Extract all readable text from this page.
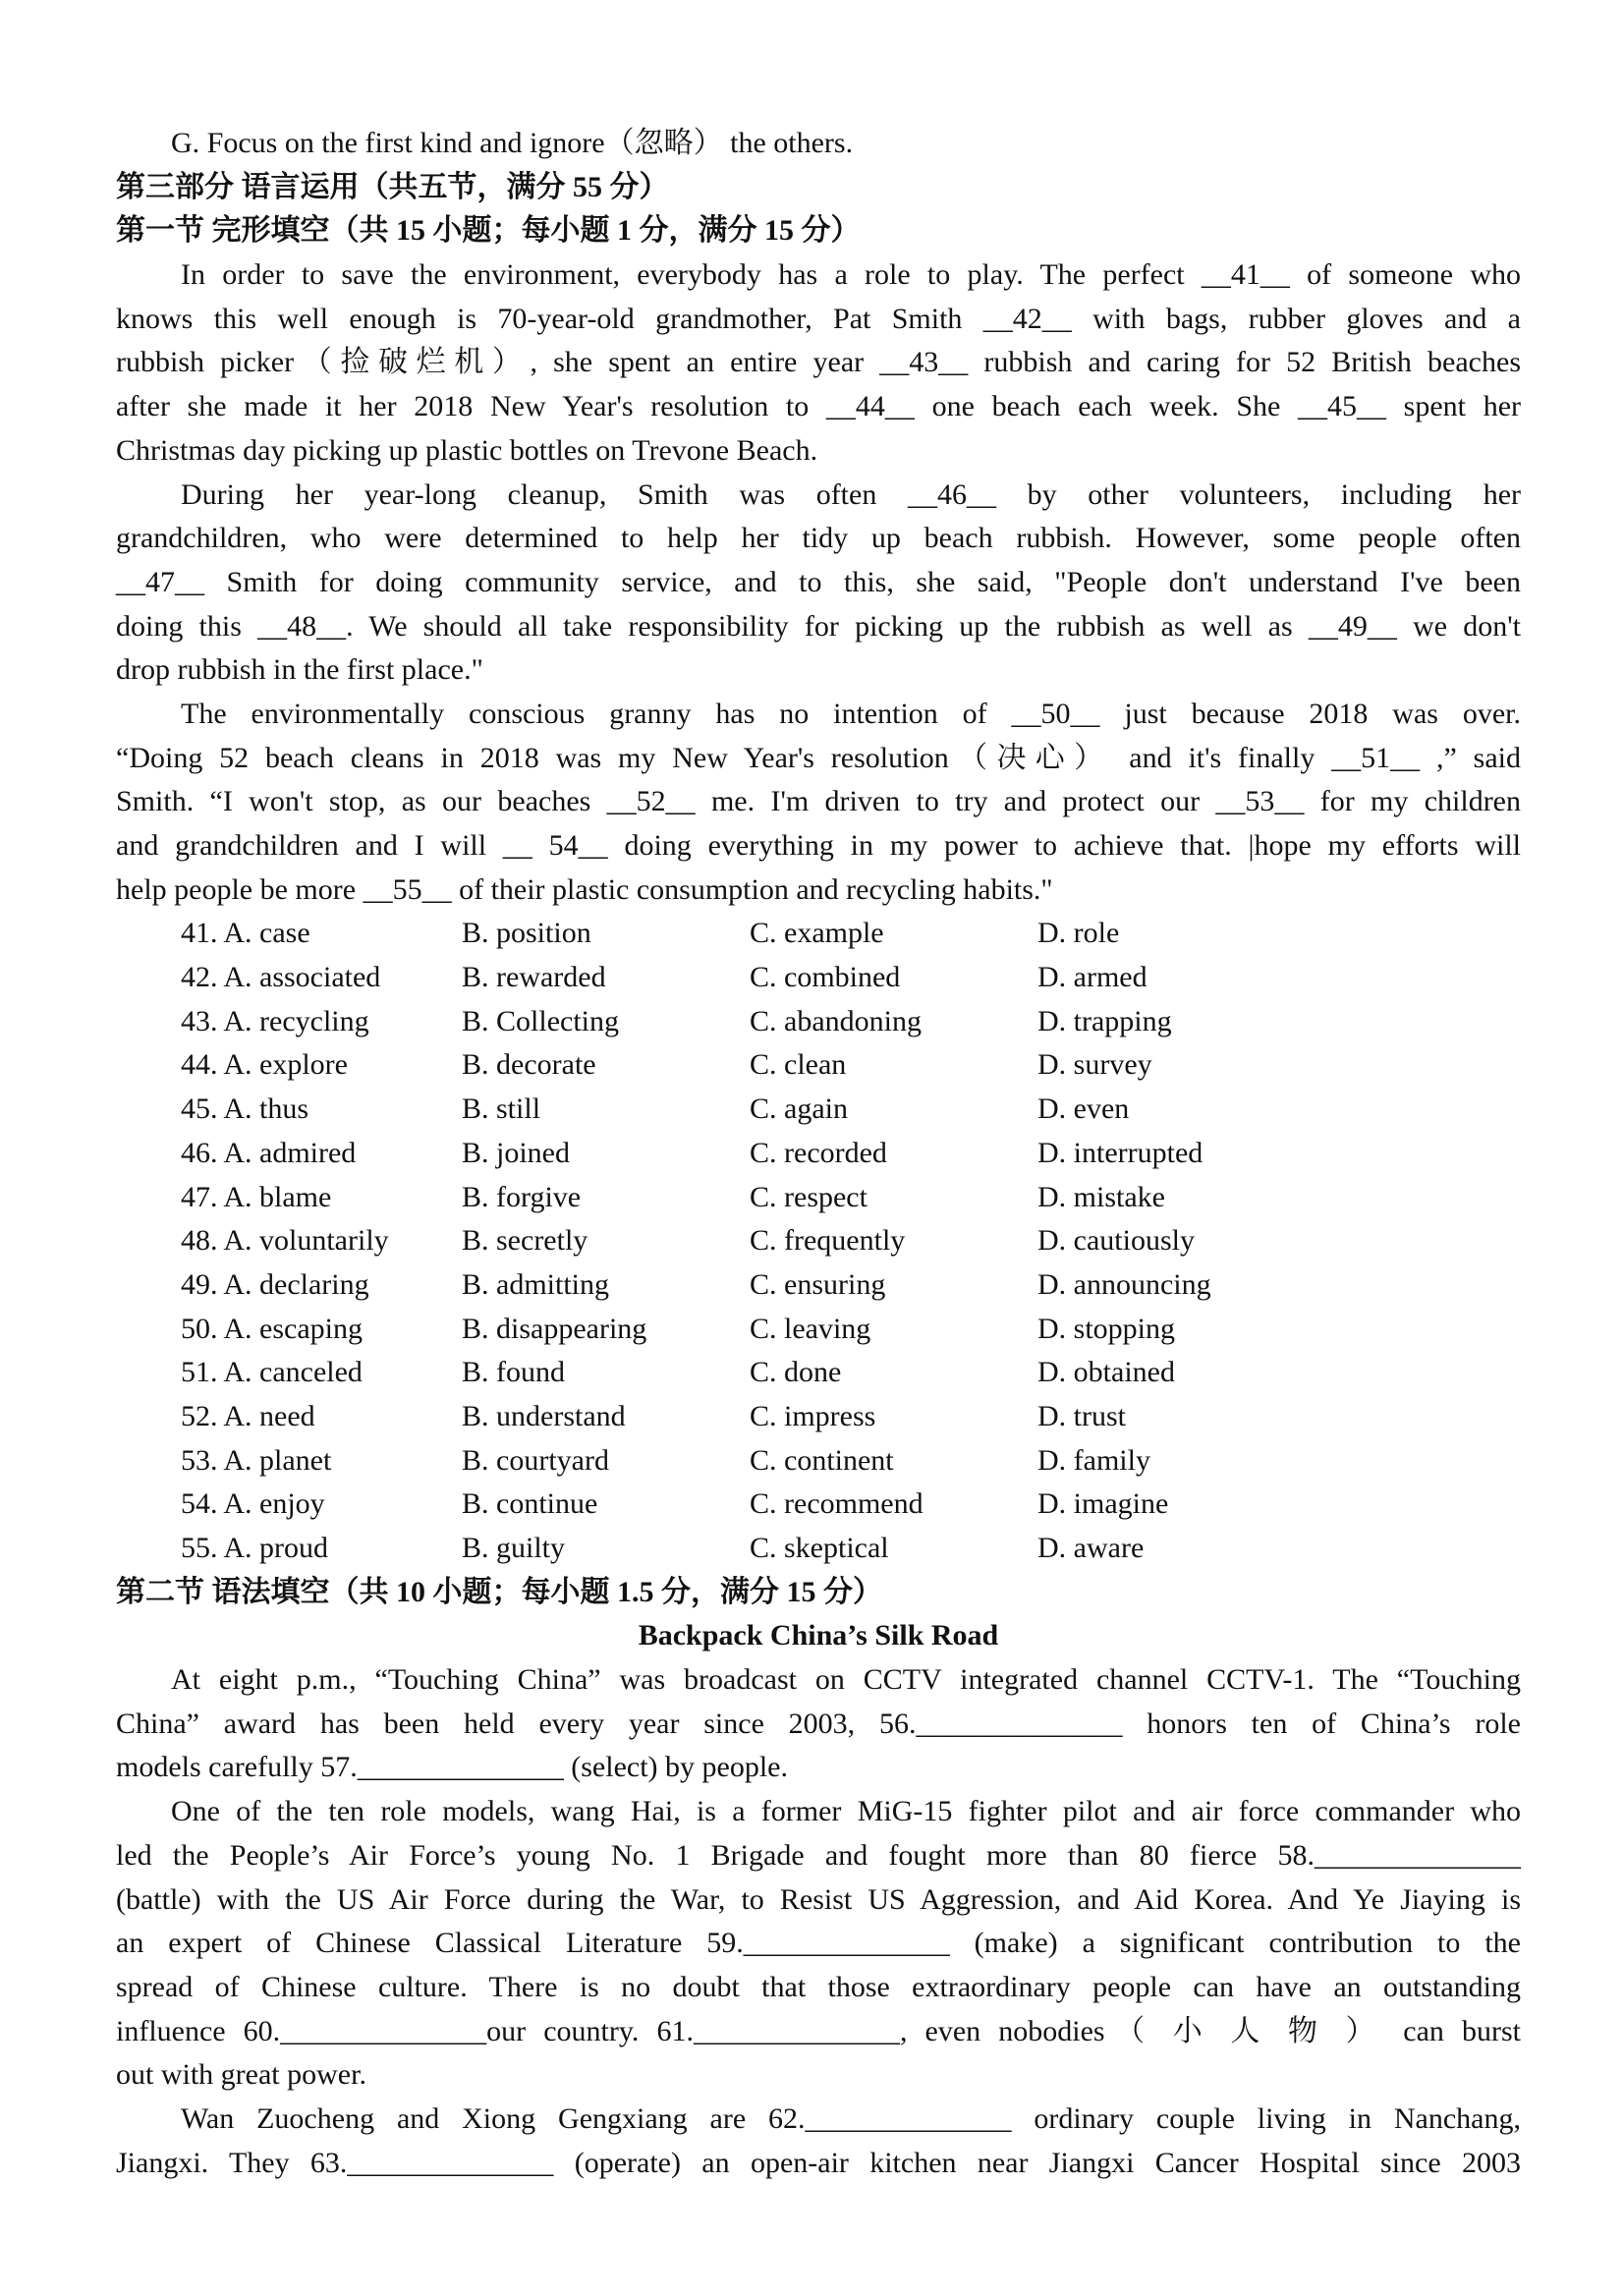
G. Focus on the first kind and ignore（忽略） the others.
第三部分 语言运用（共五节，满分 55 分）
第一节 完形填空（共 15 小题；每小题 1 分，满分 15 分）
In order to save the environment, everybody has a role to play. The perfect __41__ of someone who
knows this well enough is 70-year-old grandmother, Pat Smith __42__ with bags, rubber gloves and a
rubbish picker（捡破烂机）, she spent an entire year __43__ rubbish and caring for 52 British beaches
after she made it her 2018 New Year's resolution to __44__ one beach each week. She __45__ spent her
Christmas day picking up plastic bottles on Trevone Beach.
During her year-long cleanup, Smith was often __46__ by other volunteers, including her
grandchildren, who were determined to help her tidy up beach rubbish. However, some people often
__47__ Smith for doing community service, and to this, she said, "People don't understand I've been
doing this __48__. We should all take responsibility for picking up the rubbish as well as __49__ we don't
drop rubbish in the first place."
The environmentally conscious granny has no intention of __50__ just because 2018 was over.
“Doing 52 beach cleans in 2018 was my New Year's resolution（决心） and it's finally __51__ ,” said
Smith. “I won't stop, as our beaches __52__ me. I'm driven to try and protect our __53__ for my children
and grandchildren and I will __ 54__ doing everything in my power to achieve that. |hope my efforts will
help people be more __55__ of their plastic consumption and recycling habits."
41. A. case	B. position	C. example	D. role
42. A. associated	B. rewarded	C. combined	D. armed
43. A. recycling	B. Collecting	C. abandoning	D. trapping
44. A. explore	B. decorate	C. clean	D. survey
45. A. thus	B. still	C. again	D. even
46. A. admired	B. joined	C. recorded	D. interrupted
47. A. blame	B. forgive	C. respect	D. mistake
48. A. voluntarily	B. secretly	C. frequently	D. cautiously
49. A. declaring	B. admitting	C. ensuring	D. announcing
50. A. escaping	B. disappearing	C. leaving	D. stopping
51. A. canceled	B. found	C. done	D. obtained
52. A. need	B. understand	C. impress	D. trust
53. A. planet	B. courtyard	C. continent	D. family
54. A. enjoy	B. continue	C. recommend	D. imagine
55. A. proud	B. guilty	C. skeptical	D. aware
第二节 语法填空（共 10 小题；每小题 1.5 分，满分 15 分）
Backpack China’s Silk Road
At eight p.m., “Touching China” was broadcast on CCTV integrated channel CCTV-1. The “Touching
China” award has been held every year since 2003, 56.______________ honors ten of China’s role
models carefully 57.______________ (select) by people.
One of the ten role models, wang Hai, is a former MiG-15 fighter pilot and air force commander who
led the People’s Air Force’s young No. 1 Brigade and fought more than 80 fierce 58.______________
(battle) with the US Air Force during the War, to Resist US Aggression, and Aid Korea. And Ye Jiaying is
an expert of Chinese Classical Literature 59.______________ (make) a significant contribution to the
spread of Chinese culture. There is no doubt that those extraordinary people can have an outstanding
influence 60.______________our country. 61.______________, even nobodies（ 小 人 物 ） can burst
out with great power.
Wan Zuocheng and Xiong Gengxiang are 62.______________ ordinary couple living in Nanchang,
Jiangxi. They 63.______________ (operate) an open-air kitchen near Jiangxi Cancer Hospital since 2003
